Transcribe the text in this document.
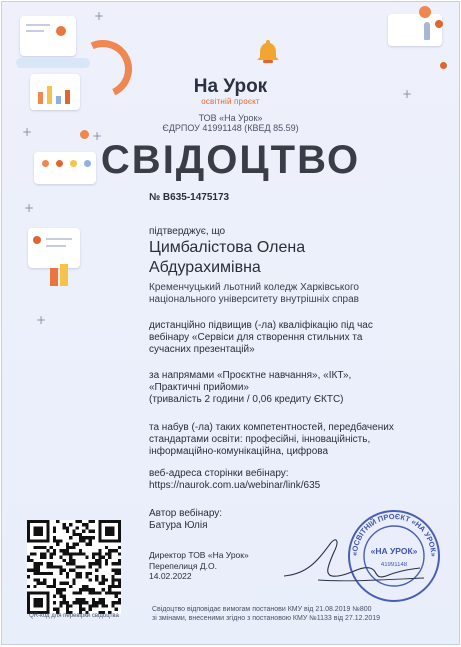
+
+
+
+
+
+
На Урок
освітній проєкт
ТОВ «На Урок»
ЄДРПОУ 41991148 (КВЕД 85.59)
СВІДОЦТВО
№ B635-1475173
підтверджує, що
Цимбалістова Олена
Абдурахимівна
Кременчуцький льотний коледж Харківського
національного університету внутрішніх справ
дистанційно підвищив (-ла) кваліфікацію під час
вебінару «Сервіси для створення стильних та
сучасних презентацій»
за напрямами «Проєктне навчання», «ІКТ»,
«Практичні прийоми»
(тривалість 2 години / 0,06 кредиту ЄКТС)
та набув (-ла) таких компетентностей, передбачених
стандартами освіти: професійні, інноваційність,
інформаційно-комунікаційна, цифрова
веб-адреса сторінки вебінару:
https://naurok.com.ua/webinar/link/635
Автор вебінару:
Батура Юлія
Директор ТОВ «На Урок»
Перепелиця Д.О.
14.02.2022
«ОСВІТНІЙ ПРОЄКТ «НА УРОК»
«НА УРОК»
41991148
QR-код для перевірки свідоцтва
Свідоцтво відповідає вимогам постанови КМУ від 21.08.2019 №800
зі змінами, внесеними згідно з постановою КМУ №1133 від 27.12.2019
